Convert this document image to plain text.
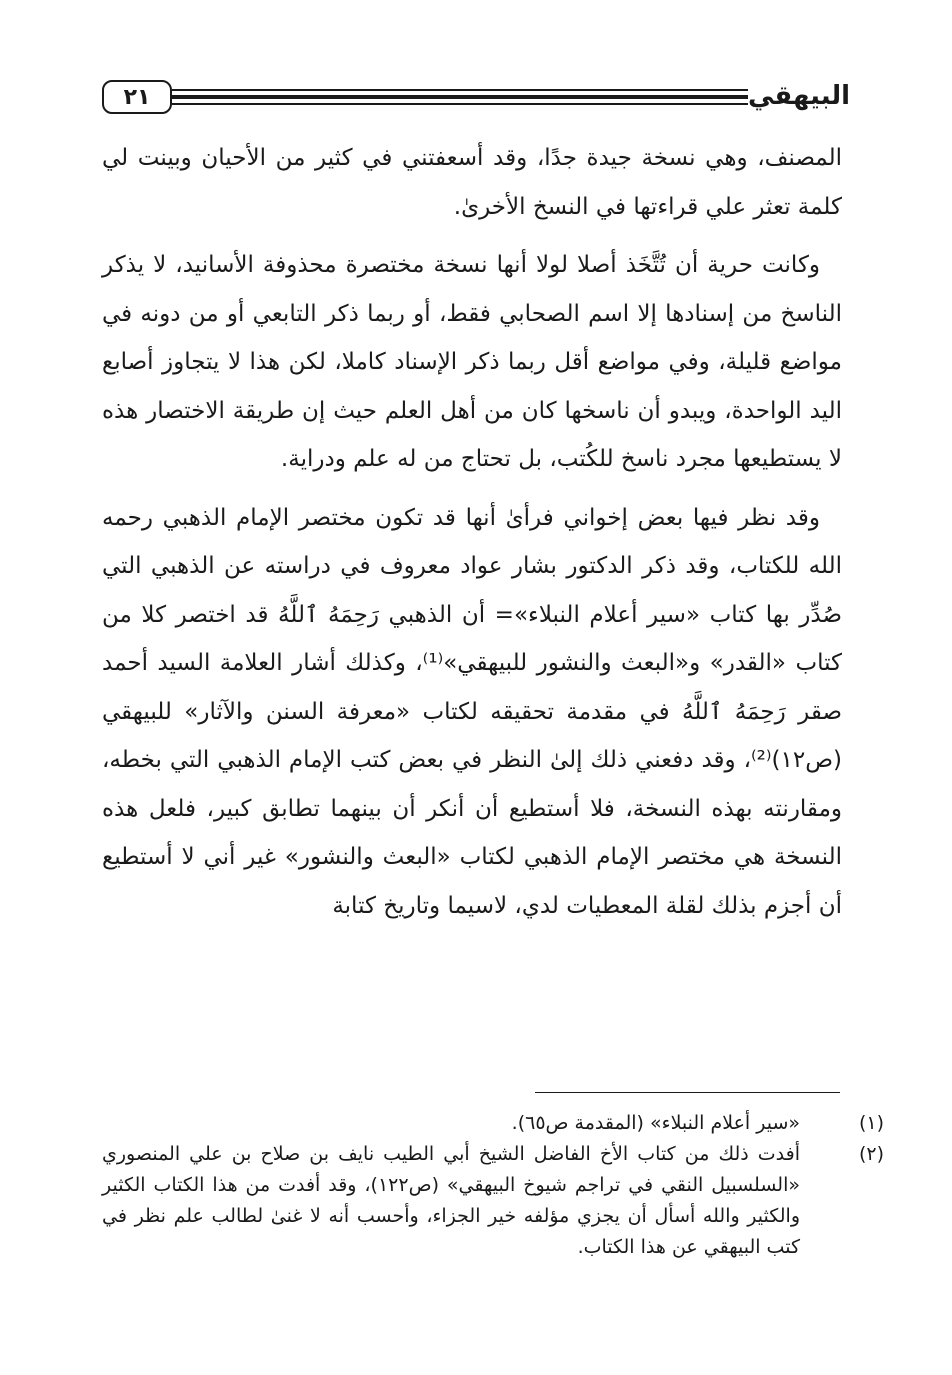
٢١	البيهقي

المصنف، وهي نسخة جيدة جدًا، وقد أسعفتني في كثير من الأحيان وبينت لي كلمة تعثر علي قراءتها في النسخ الأخرىٰ.

وكانت حرية أن تُتَّخَذ أصلا لولا أنها نسخة مختصرة محذوفة الأسانيد، لا يذكر الناسخ من إسنادها إلا اسم الصحابي فقط، أو ربما ذكر التابعي أو من دونه في مواضع قليلة، وفي مواضع أقل ربما ذكر الإسناد كاملا، لكن هذا لا يتجاوز أصابع اليد الواحدة، ويبدو أن ناسخها كان من أهل العلم حيث إن طريقة الاختصار هذه لا يستطيعها مجرد ناسخ للكُتب، بل تحتاج من له علم ودراية.

وقد نظر فيها بعض إخواني فرأىٰ أنها قد تكون مختصر الإمام الذهبي رحمه الله للكتاب، وقد ذكر الدكتور بشار عواد معروف في دراسته عن الذهبي التي صُدِّر بها كتاب «سير أعلام النبلاء»= أن الذهبي رَحِمَهُ ٱللَّهُ قد اختصر كلا من كتاب «القدر» و«البعث والنشور للبيهقي»⁽¹⁾، وكذلك أشار العلامة السيد أحمد صقر رَحِمَهُ ٱللَّهُ في مقدمة تحقيقه لكتاب «معرفة السنن والآثار» للبيهقي (ص١٢)⁽²⁾، وقد دفعني ذلك إلىٰ النظر في بعض كتب الإمام الذهبي التي بخطه، ومقارنته بهذه النسخة، فلا أستطيع أن أنكر أن بينهما تطابق كبير، فلعل هذه النسخة هي مختصر الإمام الذهبي لكتاب «البعث والنشور» غير أني لا أستطيع أن أجزم بذلك لقلة المعطيات لدي، لاسيما وتاريخ كتابة

(١)«سير أعلام النبلاء» (المقدمة ص٦٥).

(٢)أفدت ذلك من كتاب الأخ الفاضل الشيخ أبي الطيب نايف بن صلاح بن علي المنصوري «السلسبيل النقي في تراجم شيوخ البيهقي» (ص١٢٢)، وقد أفدت من هذا الكتاب الكثير والكثير والله أسأل أن يجزي مؤلفه خير الجزاء، وأحسب أنه لا غنىٰ لطالب علم نظر في كتب البيهقي عن هذا الكتاب.
